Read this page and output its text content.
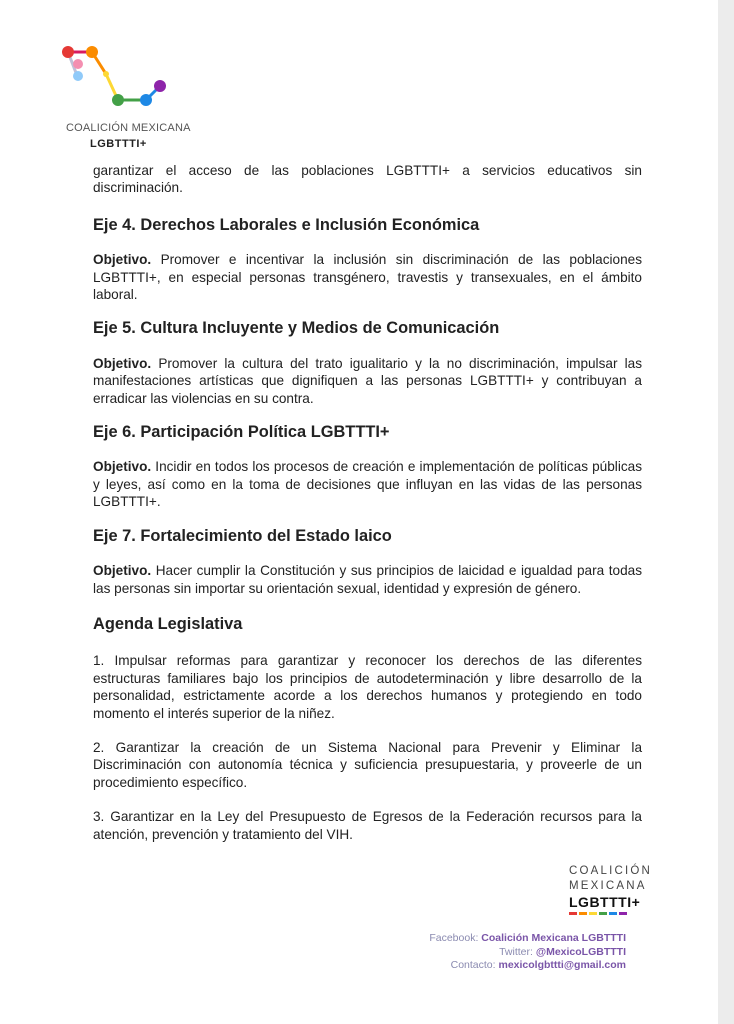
COALICIÓN MEXICANA
LGBTTTI+

garantizar el acceso de las poblaciones LGBTTTI+ a servicios educativos sin discriminación.

Eje 4. Derechos Laborales e Inclusión Económica

Objetivo. Promover e incentivar la inclusión sin discriminación de las poblaciones LGBTTTI+, en especial personas transgénero, travestis y transexuales, en el ámbito laboral.

Eje 5. Cultura Incluyente y Medios de Comunicación

Objetivo. Promover la cultura del trato igualitario y la no discriminación, impulsar las manifestaciones artísticas que dignifiquen a las personas LGBTTTI+ y contribuyan a erradicar las violencias en su contra.

Eje 6. Participación Política LGBTTTI+

Objetivo. Incidir en todos los procesos de creación e implementación de políticas públicas y leyes, así como en la toma de decisiones que influyan en las vidas de las personas LGBTTTI+.

Eje 7. Fortalecimiento del Estado laico

Objetivo. Hacer cumplir la Constitución y sus principios de laicidad e igualdad para todas las personas sin importar su orientación sexual, identidad y expresión de género.

Agenda Legislativa

1. Impulsar reformas para garantizar y reconocer los derechos de las diferentes estructuras familiares bajo los principios de autodeterminación y libre desarrollo de la personalidad, estrictamente acorde a los derechos humanos y protegiendo en todo momento el interés superior de la niñez.

2. Garantizar la creación de un Sistema Nacional para Prevenir y Eliminar la Discriminación con autonomía técnica y suficiencia presupuestaria, y proveerle de un procedimiento específico.

3. Garantizar en la Ley del Presupuesto de Egresos de la Federación recursos para la atención, prevención y tratamiento del VIH.

COALICIÓN
MEXICANA
LGBTTTI+
Facebook: Coalición Mexicana LGBTTTI
Twitter: @MexicoLGBTTTI
Contacto: mexicolgbttti@gmail.com
